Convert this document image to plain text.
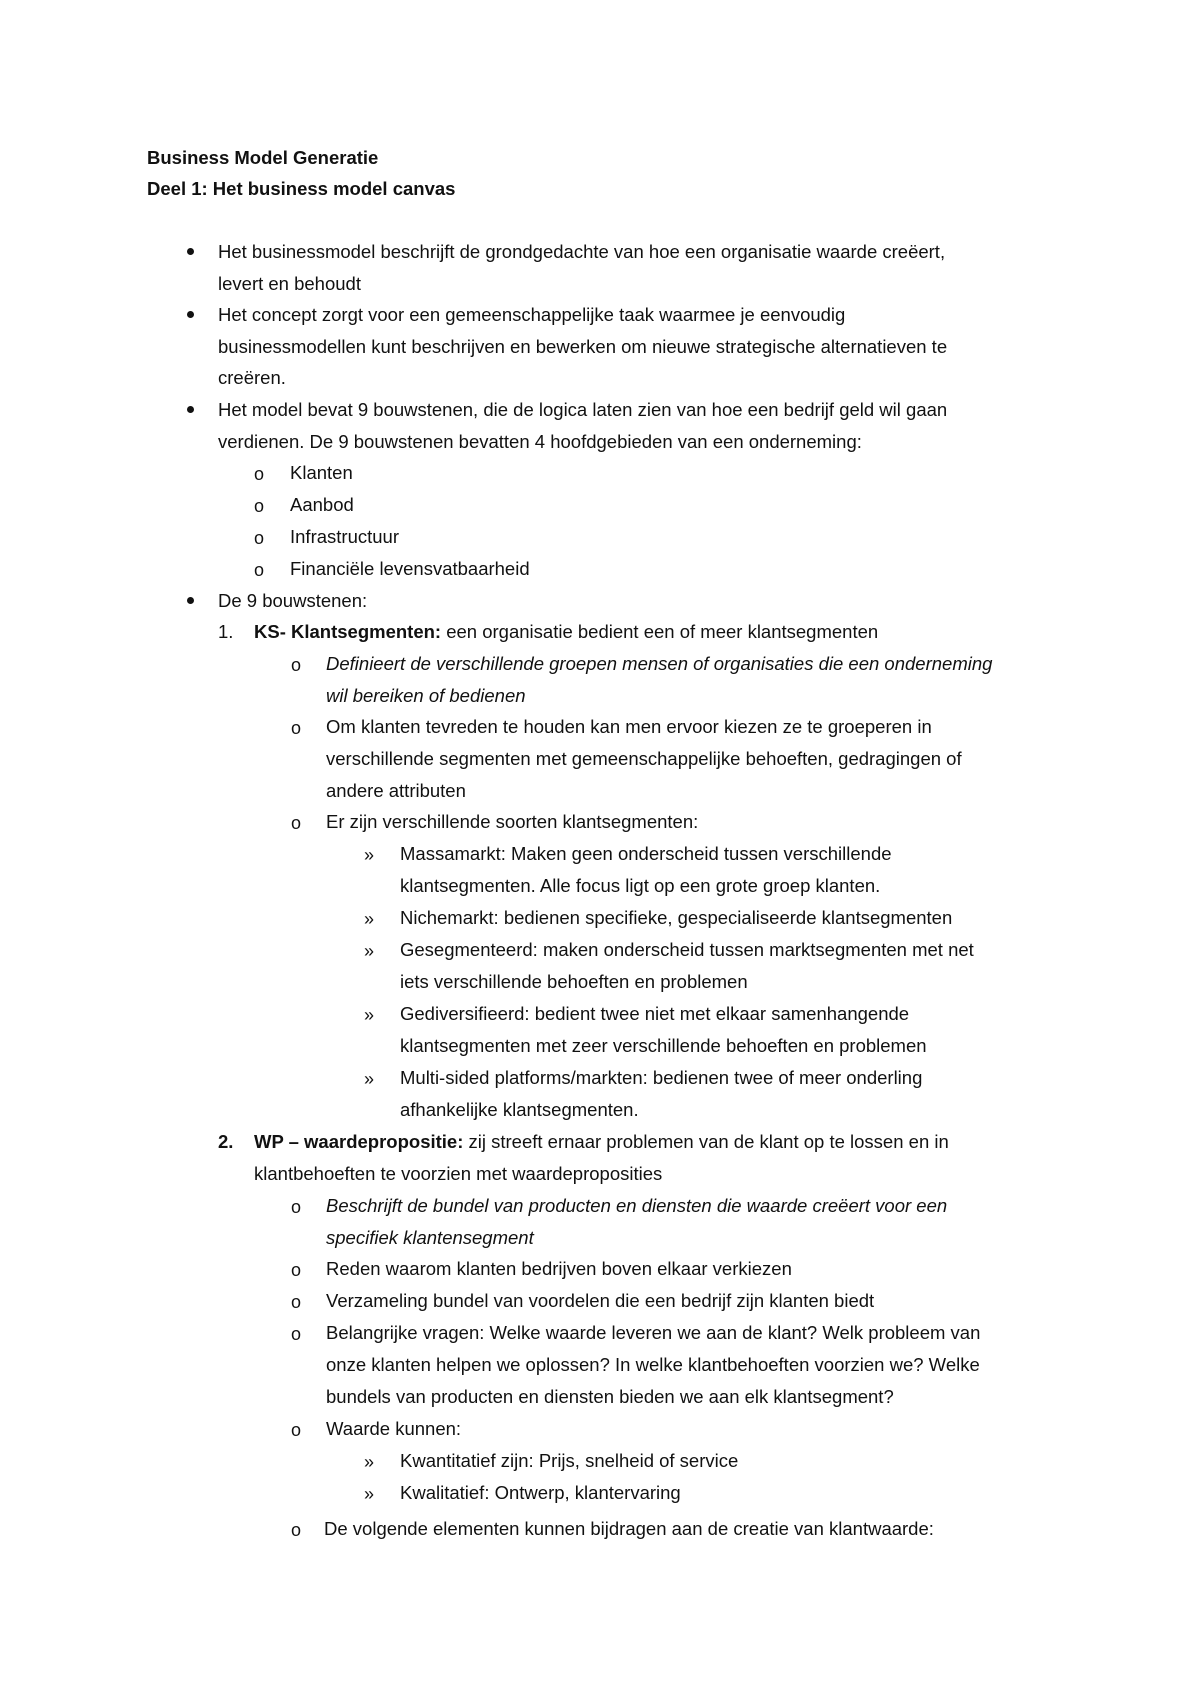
Business Model Generatie
Deel 1: Het business model canvas
Het businessmodel beschrijft de grondgedachte van hoe een organisatie waarde creëert,
levert en behoudt
Het concept zorgt voor een gemeenschappelijke taak waarmee je eenvoudig
businessmodellen kunt beschrijven en bewerken om nieuwe strategische alternatieven te
creëren.
Het model bevat 9 bouwstenen, die de logica laten zien van hoe een bedrijf geld wil gaan
verdienen. De 9 bouwstenen bevatten 4 hoofdgebieden van een onderneming:
o Klanten
o Aanbod
o Infrastructuur
o Financiële levensvatbaarheid
De 9 bouwstenen:
1. KS- Klantsegmenten: een organisatie bedient een of meer klantsegmenten
o Definieert de verschillende groepen mensen of organisaties die een onderneming
wil bereiken of bedienen
o Om klanten tevreden te houden kan men ervoor kiezen ze te groeperen in
verschillende segmenten met gemeenschappelijke behoeften, gedragingen of
andere attributen
o Er zijn verschillende soorten klantsegmenten:
» Massamarkt: Maken geen onderscheid tussen verschillende
klantsegmenten. Alle focus ligt op een grote groep klanten.
» Nichemarkt: bedienen specifieke, gespecialiseerde klantsegmenten
» Gesegmenteerd: maken onderscheid tussen marktsegmenten met net
iets verschillende behoeften en problemen
» Gediversifieerd: bedient twee niet met elkaar samenhangende
klantsegmenten met zeer verschillende behoeften en problemen
» Multi-sided platforms/markten: bedienen twee of meer onderling
afhankelijke klantsegmenten.
2. WP – waardepropositie: zij streeft ernaar problemen van de klant op te lossen en in
klantbehoeften te voorzien met waardeproposities
o Beschrijft de bundel van producten en diensten die waarde creëert voor een
specifiek klantensegment
o Reden waarom klanten bedrijven boven elkaar verkiezen
o Verzameling bundel van voordelen die een bedrijf zijn klanten biedt
o Belangrijke vragen: Welke waarde leveren we aan de klant? Welk probleem van
onze klanten helpen we oplossen? In welke klantbehoeften voorzien we? Welke
bundels van producten en diensten bieden we aan elk klantsegment?
o Waarde kunnen:
» Kwantitatief zijn: Prijs, snelheid of service
» Kwalitatief: Ontwerp, klantervaring
o De volgende elementen kunnen bijdragen aan de creatie van klantwaarde:
